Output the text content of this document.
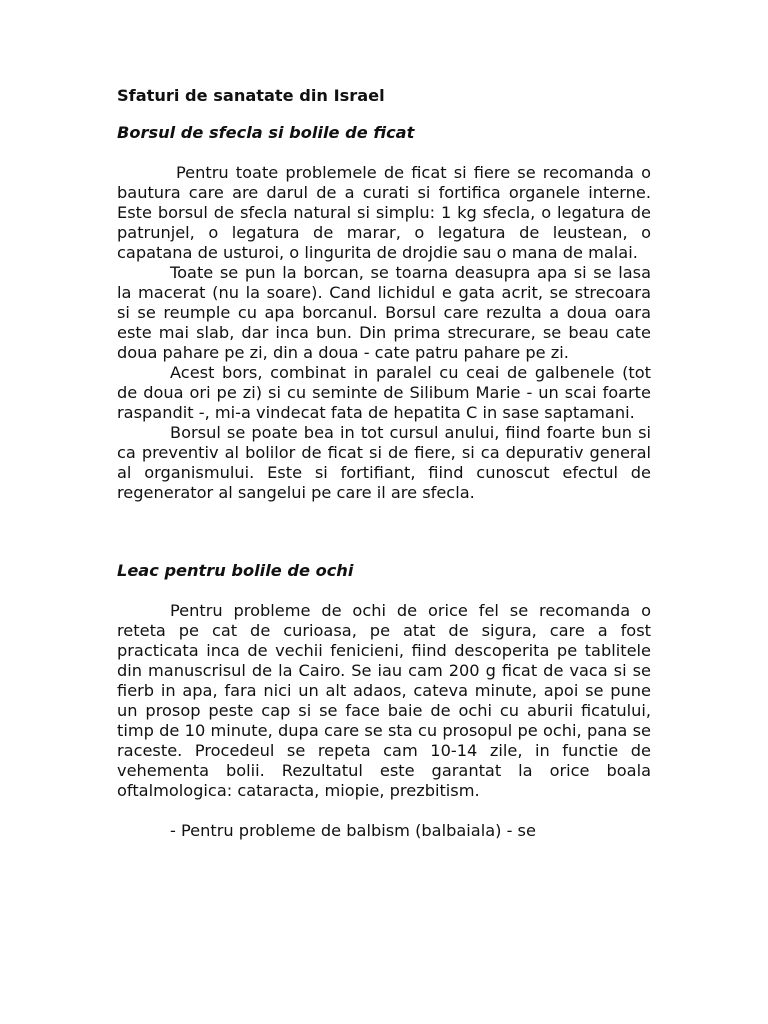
Sfaturi de sanatate din Israel

Borsul de sfecla si bolile de ficat

Pentru toate problemele de ficat si fiere se recomanda o bautura care are darul de a curati si fortifica organele interne. Este borsul de sfecla natural si simplu: 1 kg sfecla, o legatura de patrunjel, o legatura de marar, o legatura de leustean, o capatana de usturoi, o lingurita de drojdie sau o mana de malai.

Toate se pun la borcan, se toarna deasupra apa si se lasa la macerat (nu la soare). Cand lichidul e gata acrit, se strecoara si se reumple cu apa borcanul. Borsul care rezulta a doua oara este mai slab, dar inca bun. Din prima strecurare, se beau cate doua pahare pe zi, din a doua - cate patru pahare pe zi.

Acest bors, combinat in paralel cu ceai de galbenele (tot de doua ori pe zi) si cu seminte de Silibum Marie - un scai foarte raspandit -, mi-a vindecat fata de hepatita C in sase saptamani.

Borsul se poate bea in tot cursul anului, fiind foarte bun si ca preventiv al bolilor de ficat si de fiere, si ca depurativ general al organismului. Este si fortifiant, fiind cunoscut efectul de regenerator al sangelui pe care il are sfecla.

Leac pentru bolile de ochi

Pentru probleme de ochi de orice fel se recomanda o reteta pe cat de curioasa, pe atat de sigura, care a fost practicata inca de vechii fenicieni, fiind descoperita pe tablitele din manuscrisul de la Cairo. Se iau cam 200 g ficat de vaca si se fierb in apa, fara nici un alt adaos, cateva minute, apoi se pune un prosop peste cap si se face baie de ochi cu aburii ficatului, timp de 10 minute, dupa care se sta cu prosopul pe ochi, pana se raceste. Procedeul se repeta cam 10-14 zile, in functie de vehementa bolii. Rezultatul este garantat la orice boala oftalmologica: cataracta, miopie, prezbitism.

- Pentru probleme de balbism (balbaiala) - se
